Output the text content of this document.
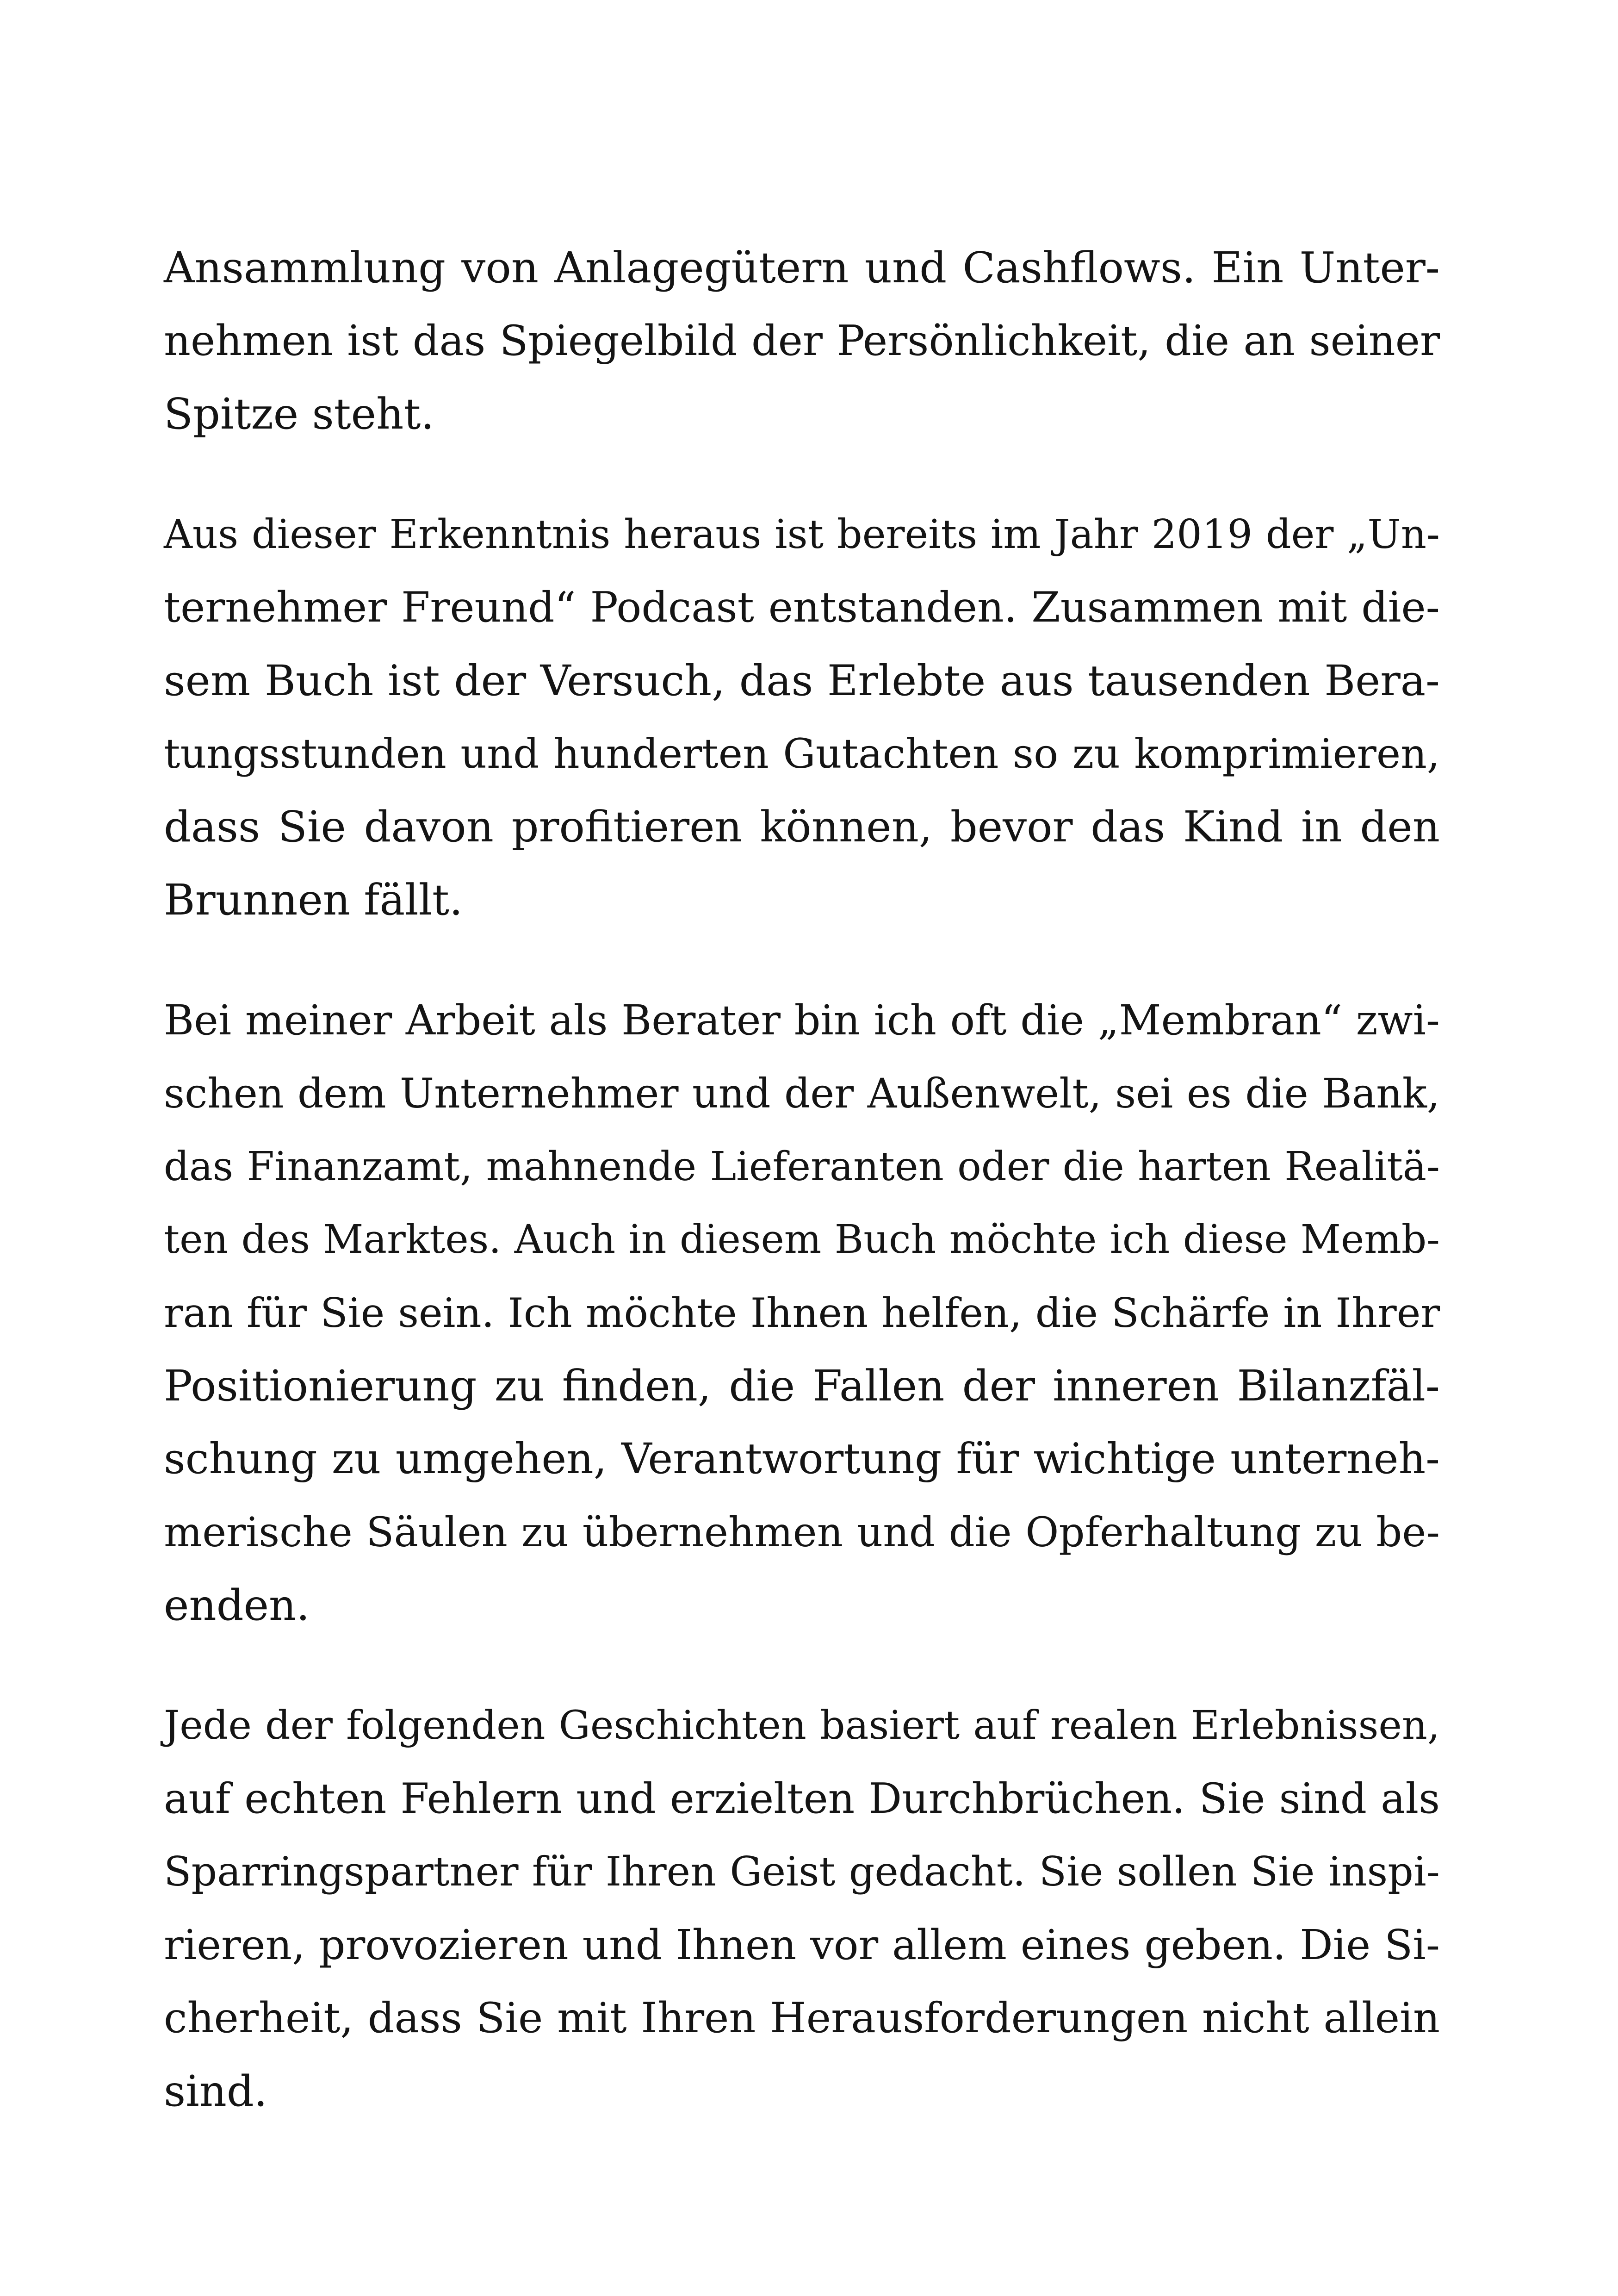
Ansammlung von Anlagegütern und Cashflows. Ein Unter-
nehmen ist das Spiegelbild der Persönlichkeit, die an seiner
Spitze steht.
Aus dieser Erkenntnis heraus ist bereits im Jahr 2019 der „Un-
ternehmer Freund“ Podcast entstanden. Zusammen mit die-
sem Buch ist der Versuch, das Erlebte aus tausenden Bera-
tungsstunden und hunderten Gutachten so zu komprimieren,
dass Sie davon profitieren können, bevor das Kind in den
Brunnen fällt.
Bei meiner Arbeit als Berater bin ich oft die „Membran“ zwi-
schen dem Unternehmer und der Außenwelt, sei es die Bank,
das Finanzamt, mahnende Lieferanten oder die harten Realitä-
ten des Marktes. Auch in diesem Buch möchte ich diese Memb-
ran für Sie sein. Ich möchte Ihnen helfen, die Schärfe in Ihrer
Positionierung zu finden, die Fallen der inneren Bilanzfäl-
schung zu umgehen, Verantwortung für wichtige unterneh-
merische Säulen zu übernehmen und die Opferhaltung zu be-
enden.
Jede der folgenden Geschichten basiert auf realen Erlebnissen,
auf echten Fehlern und erzielten Durchbrüchen. Sie sind als
Sparringspartner für Ihren Geist gedacht. Sie sollen Sie inspi-
rieren, provozieren und Ihnen vor allem eines geben. Die Si-
cherheit, dass Sie mit Ihren Herausforderungen nicht allein
sind.
